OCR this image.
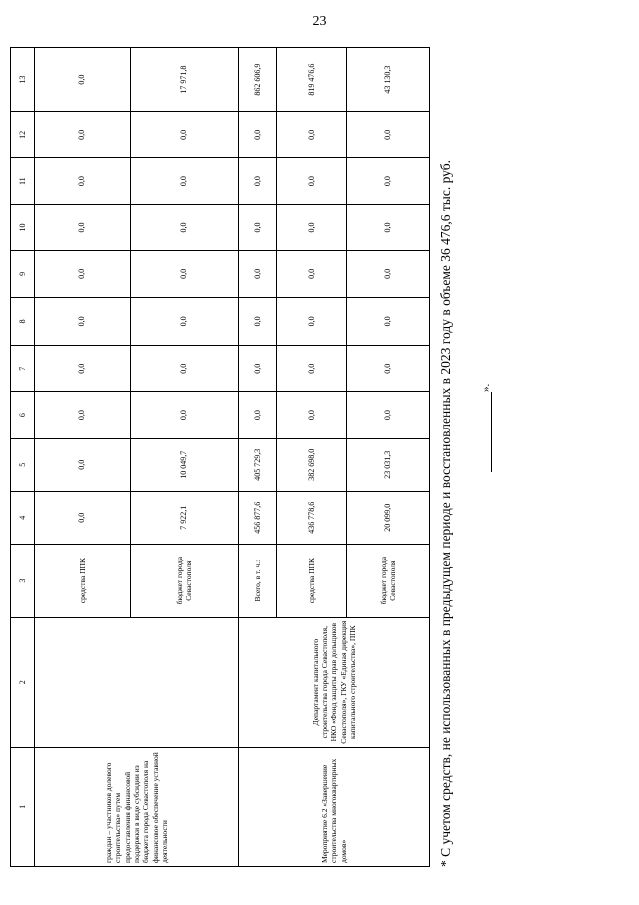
23
1	2	3	4	5	6	7	8	9	10	11	12	13
граждан – участников долевого строительства» путем предоставления финансовой поддержки в виде субсидии из бюджета города Севастополя на финансовое обеспечение уставной деятельности		средства ППК	0,0	0,0	0,0	0,0	0,0	0,0	0,0	0,0	0,0	0,0
		бюджет города Севастополя	7 922,1	10 049,7	0,0	0,0	0,0	0,0	0,0	0,0	0,0	17 971,8
Мероприятие 6.2 «Завершение строительства многоквартирных домов»	Департамент капитального строительства города Севастополя, НКО «Фонд защиты прав дольщиков Севастополя», ГКУ «Единая дирекция капитального строительства», ППК	Всего, в т. ч.:	456 877,6	405 729,3	0,0	0,0	0,0	0,0	0,0	0,0	0,0	862 606,9
		средства ППК	436 778,6	382 698,0	0,0	0,0	0,0	0,0	0,0	0,0	0,0	819 476,6
		бюджет города Севастополя	20 099,0	23 031,3	0,0	0,0	0,0	0,0	0,0	0,0	0,0	43 130,3
* С учетом средств, не использованных в предыдущем периоде и восстановленных в 2023 году в объеме 36 476,6 тыс. руб. ».
